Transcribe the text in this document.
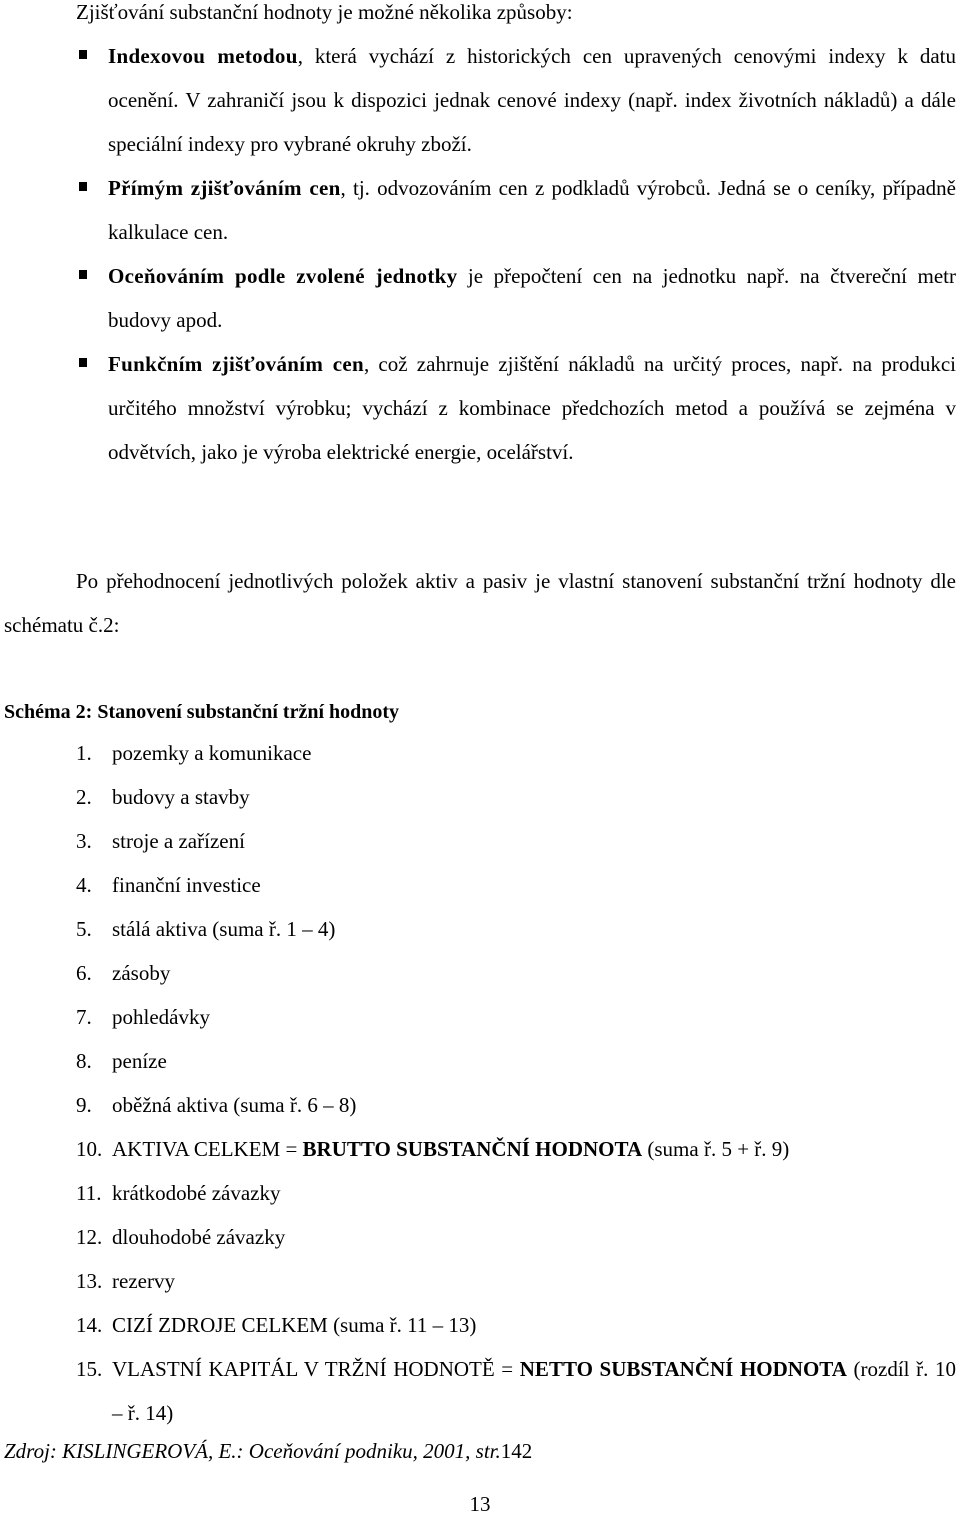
Zjišťování substanční hodnoty je možné několika způsoby:
Indexovou metodou, která vychází z historických cen upravených cenovými indexy k datu ocenění. V zahraničí jsou k dispozici jednak cenové indexy (např. index životních nákladů) a dále speciální indexy pro vybrané okruhy zboží.
Přímým zjišťováním cen, tj. odvozováním cen z podkladů výrobců. Jedná se o ceníky, případně kalkulace cen.
Oceňováním podle zvolené jednotky je přepočtení cen na jednotku např. na čtvereční metr budovy apod.
Funkčním zjišťováním cen, což zahrnuje zjištění nákladů na určitý proces, např. na produkci určitého množství výrobku; vychází z kombinace předchozích metod a používá se zejména v odvětvích, jako je výroba elektrické energie, ocelářství.
Po přehodnocení jednotlivých položek aktiv a pasiv je vlastní stanovení substanční tržní hodnoty dle schématu č.2:
Schéma 2: Stanovení substanční tržní hodnoty
1. pozemky a komunikace
2. budovy a stavby
3. stroje a zařízení
4. finanční investice
5. stálá aktiva (suma ř. 1 – 4)
6. zásoby
7. pohledávky
8. peníze
9. oběžná aktiva (suma ř. 6 – 8)
10. AKTIVA CELKEM = BRUTTO SUBSTANČNÍ HODNOTA (suma ř. 5 + ř. 9)
11. krátkodobé závazky
12. dlouhodobé závazky
13. rezervy
14. CIZÍ ZDROJE CELKEM (suma ř. 11 – 13)
15. VLASTNÍ KAPITÁL V TRŽNÍ HODNOTĚ = NETTO SUBSTANČNÍ HODNOTA (rozdíl ř. 10 – ř. 14)
Zdroj: KISLINGEROVÁ, E.: Oceňování podniku, 2001, str.142
13
